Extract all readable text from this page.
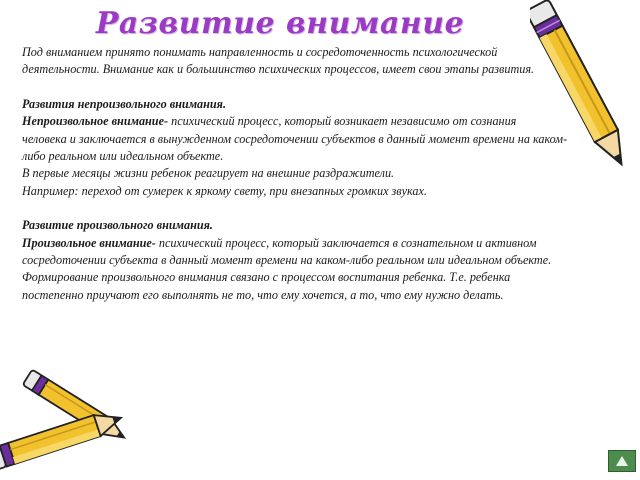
Развитие внимание

Под вниманием принято понимать направленность и сосредоточенность психологической

деятельности. Внимание как и большинство психических процессов, имеет свои этапы развития.

Развития непроизвольного внимания.

Непроизвольное внимание- психический процесс, который возникает независимо от сознания

человека и заключается в вынужденном сосредоточении субъектов в данный момент времени на каком-

либо реальном или идеальном объекте.

В первые месяцы жизни ребенок реагирует на внешние раздражители.

Например: переход от сумерек к яркому свету, при внезапных громких звуках.

Развитие произвольного внимания.

Произвольное внимание- психический процесс, который заключается в сознательном и активном

сосредоточении субъекта в данный момент времени на каком-либо реальном или идеальном объекте.

Формирование произвольного внимания связано с процессом воспитания ребенка. Т.е. ребенка

постепенно приучают его выполнять не то, что ему хочется, а то, что ему нужно делать.
